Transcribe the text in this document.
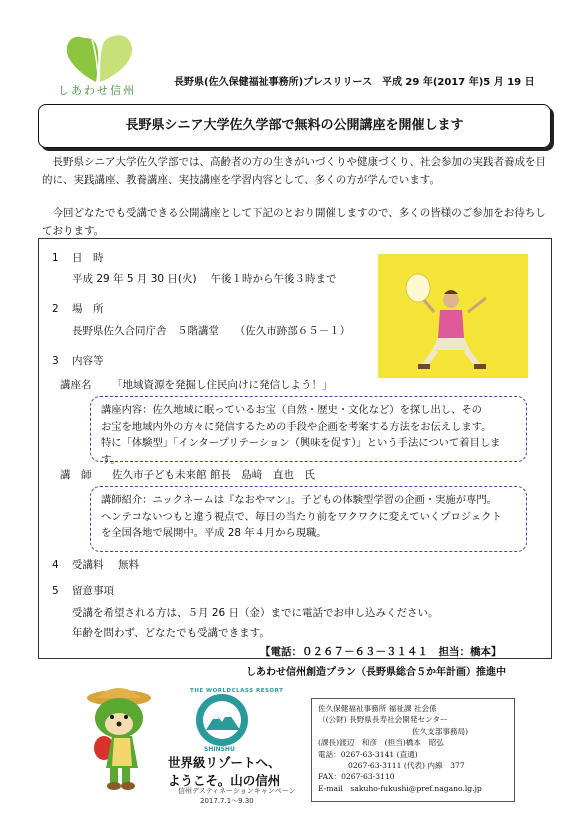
しあわせ信州
長野県(佐久保健福祉事務所)プレスリリース　平成 29 年(2017 年)5 月 19 日
長野県シニア大学佐久学部で無料の公開講座を開催します
長野県シニア大学佐久学部では、高齢者の方の生きがいづくりや健康づくり、社会参加の実践者養成を目的に、実践講座、教養講座、実技講座を学習内容として、多くの方が学んでいます。
今回どなたでも受講できる公開講座として下記のとおり開催しますので、多くの皆様のご参加をお待ちしております。
1 日　時
平成 29 年 5 月 30 日(火)　 午後１時から午後３時まで
2 場　所
長野県佐久合同庁舎　５階講堂　　（佐久市跡部６５－１）
3 内容等
講座名 「地域資源を発掘し住民向けに発信しよう！」
講座内容：佐久地域に眠っているお宝（自然・歴史・文化など）を探し出し、その
お宝を地域内外の方々に発信するための手段や企画を考案する方法をお伝えします。
特に「体験型」「インタープリテーション（興味を促す）」という手法について着目します。
講　師 佐久市子ども未来館 館長　島﨑　直也　氏
講師紹介：ニックネームは『なおやマン』。子どもの体験型学習の企画・実施が専門。
ヘンテコないつもと違う視点で、毎日の当たり前をワクワクに変えていくプロジェクト
を全国各地で展開中。平成 28 年４月から現職。
4 受講料 無料
5 留意事項
受講を希望される方は、５月 26 日（金）までに電話でお申し込みください。
年齢を問わず、どなたでも受講できます。
【電話：０２６７－６３－３１４１　担当：橋本】
しあわせ信州創造プラン（長野県総合５か年計画）推進中
THE WORLDCLASS RESORT
SHINSHU
世界級リゾートへ、
ようこそ。山の信州
信州デスティネーションキャンペーン
2017.7.1～9.30
佐久保健福祉事務所 福祉課 社会係
（(公財) 長野県長寿社会開発センター
佐久支部事務局)
(課長)渡辺　和彦　(担当)橋本　昭弘
電話：0267-63-3141 (直通)
0267-63-3111 (代表) 内線　377
FAX：0267-63-3110
E-mail　sakuho-fukushi@pref.nagano.lg.jp
